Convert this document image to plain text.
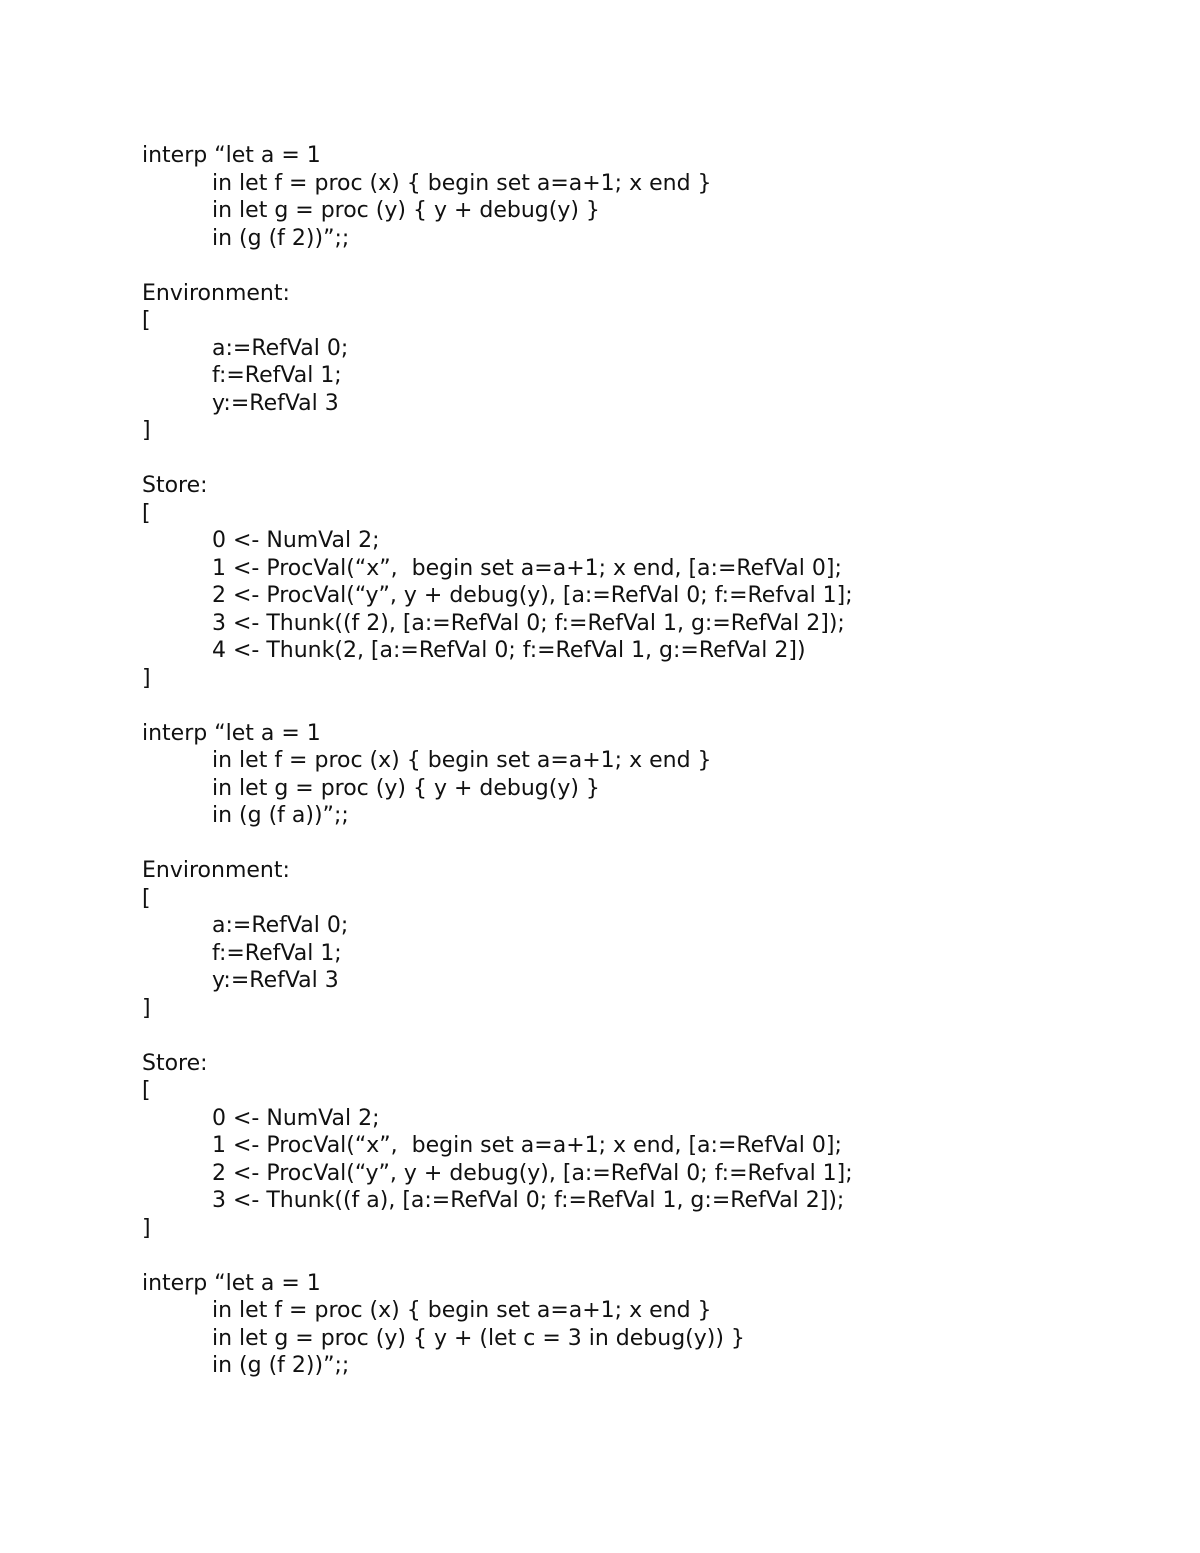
interp “let a = 1
in let f = proc (x) { begin set a=a+1; x end }
in let g = proc (y) { y + debug(y) }
in (g (f 2))”;;
Environment:
[
a:=RefVal 0;
f:=RefVal 1;
y:=RefVal 3
]
Store:
[
0 <- NumVal 2;
1 <- ProcVal(“x”,  begin set a=a+1; x end, [a:=RefVal 0];
2 <- ProcVal(“y”, y + debug(y), [a:=RefVal 0; f:=Refval 1];
3 <- Thunk((f 2), [a:=RefVal 0; f:=RefVal 1, g:=RefVal 2]);
4 <- Thunk(2, [a:=RefVal 0; f:=RefVal 1, g:=RefVal 2])
]
interp “let a = 1
in let f = proc (x) { begin set a=a+1; x end }
in let g = proc (y) { y + debug(y) }
in (g (f a))”;;
Environment:
[
a:=RefVal 0;
f:=RefVal 1;
y:=RefVal 3
]
Store:
[
0 <- NumVal 2;
1 <- ProcVal(“x”,  begin set a=a+1; x end, [a:=RefVal 0];
2 <- ProcVal(“y”, y + debug(y), [a:=RefVal 0; f:=Refval 1];
3 <- Thunk((f a), [a:=RefVal 0; f:=RefVal 1, g:=RefVal 2]);
]
interp “let a = 1
in let f = proc (x) { begin set a=a+1; x end }
in let g = proc (y) { y + (let c = 3 in debug(y)) }
in (g (f 2))”;;
